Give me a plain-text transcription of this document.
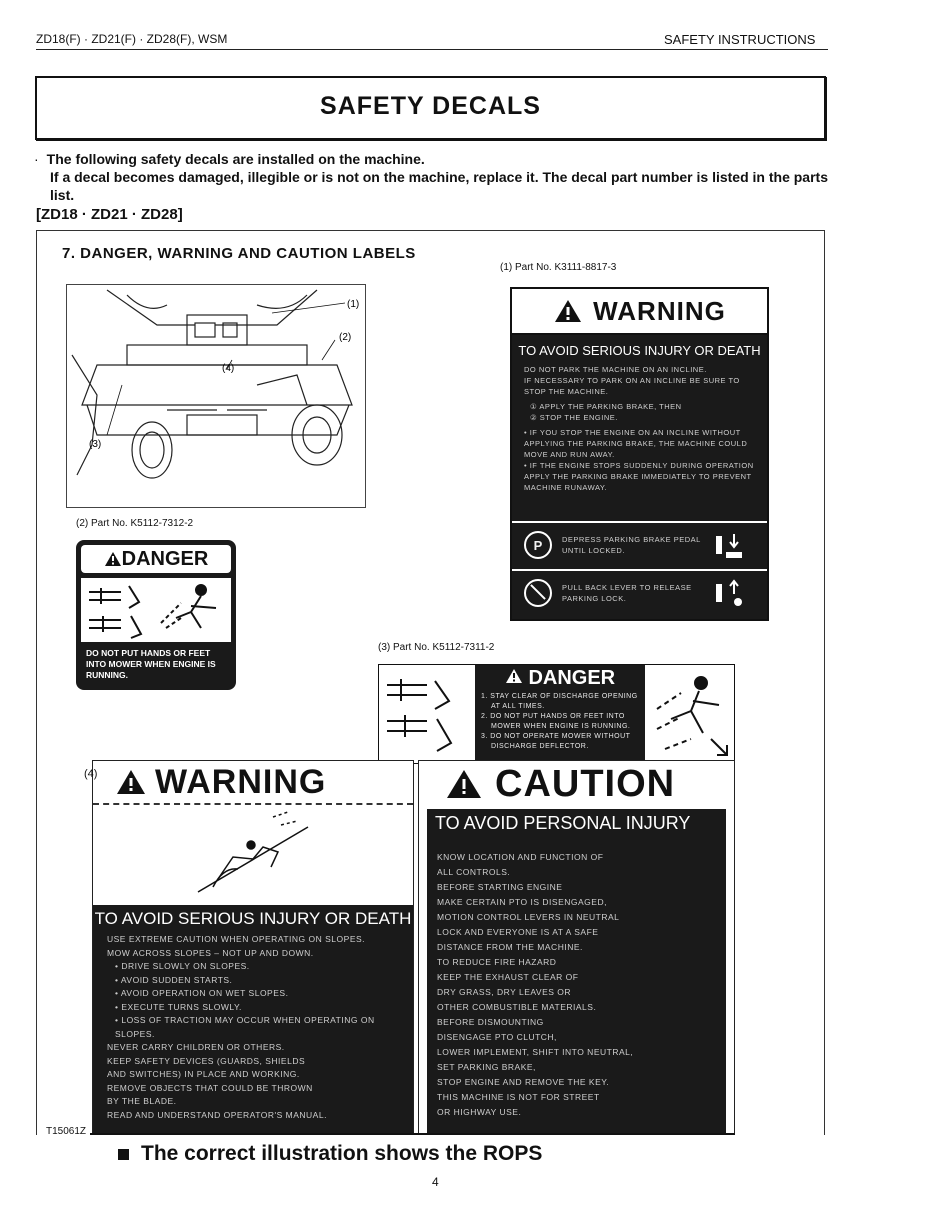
ZD18(F) · ZD21(F) · ZD28(F), WSM	SAFETY INSTRUCTIONS
SAFETY DECALS

· The following safety decals are installed on the machine.

If a decal becomes damaged, illegible or is not on the machine, replace it. The decal part number is listed in the parts list.

[ZD18 · ZD21 · ZD28]

7. DANGER, WARNING AND CAUTION LABELS
(1)
(2)
(4)
(3)
(1) Part No. K3111-8817-3
WARNING
TO AVOID SERIOUS INJURY OR DEATH
DO NOT PARK THE MACHINE ON AN INCLINE.
IF NECESSARY TO PARK ON AN INCLINE BE SURE TO
STOP THE MACHINE.
① APPLY THE PARKING BRAKE, THEN
② STOP THE ENGINE.
• IF YOU STOP THE ENGINE ON AN INCLINE WITHOUT
APPLYING THE PARKING BRAKE, THE MACHINE COULD
MOVE AND RUN AWAY.
• IF THE ENGINE STOPS SUDDENLY DURING OPERATION
APPLY THE PARKING BRAKE IMMEDIATELY TO PREVENT
MACHINE RUNAWAY.
P	DEPRESS PARKING BRAKE PEDAL UNTIL LOCKED.
PULL BACK LEVER TO RELEASE PARKING LOCK.
(2) Part No. K5112-7312-2
DANGER
DO NOT PUT HANDS OR FEET INTO MOWER WHEN ENGINE IS RUNNING.
(3) Part No. K5112-7311-2
DANGER
1. STAY CLEAR OF DISCHARGE OPENING
AT ALL TIMES.
2. DO NOT PUT HANDS OR FEET INTO
MOWER WHEN ENGINE IS RUNNING.
3. DO NOT OPERATE MOWER WITHOUT
DISCHARGE DEFLECTOR.
WARNING
TO AVOID SERIOUS INJURY OR DEATH
USE EXTREME CAUTION WHEN OPERATING ON SLOPES.
MOW ACROSS SLOPES – NOT UP AND DOWN.
• DRIVE SLOWLY ON SLOPES.
• AVOID SUDDEN STARTS.
• AVOID OPERATION ON WET SLOPES.
• EXECUTE TURNS SLOWLY.
• LOSS OF TRACTION MAY OCCUR WHEN OPERATING ON SLOPES.
NEVER CARRY CHILDREN OR OTHERS.
KEEP SAFETY DEVICES (GUARDS, SHIELDS
AND SWITCHES) IN PLACE AND WORKING.
REMOVE OBJECTS THAT COULD BE THROWN
BY THE BLADE.
READ AND UNDERSTAND OPERATOR'S MANUAL.
(4)	CAUTION
TO AVOID PERSONAL INJURY
KNOW LOCATION AND FUNCTION OF
ALL CONTROLS.
BEFORE STARTING ENGINE
MAKE CERTAIN PTO IS DISENGAGED,
MOTION CONTROL LEVERS IN NEUTRAL
LOCK AND EVERYONE IS AT A SAFE
DISTANCE FROM THE MACHINE.
TO REDUCE FIRE HAZARD
KEEP THE EXHAUST CLEAR OF
DRY GRASS, DRY LEAVES OR
OTHER COMBUSTIBLE MATERIALS.
BEFORE DISMOUNTING
DISENGAGE PTO CLUTCH,
LOWER IMPLEMENT, SHIFT INTO NEUTRAL,
SET PARKING BRAKE,
STOP ENGINE AND REMOVE THE KEY.
THIS MACHINE IS NOT FOR STREET
OR HIGHWAY USE.
T15061Z
The correct illustration shows the ROPS
4
